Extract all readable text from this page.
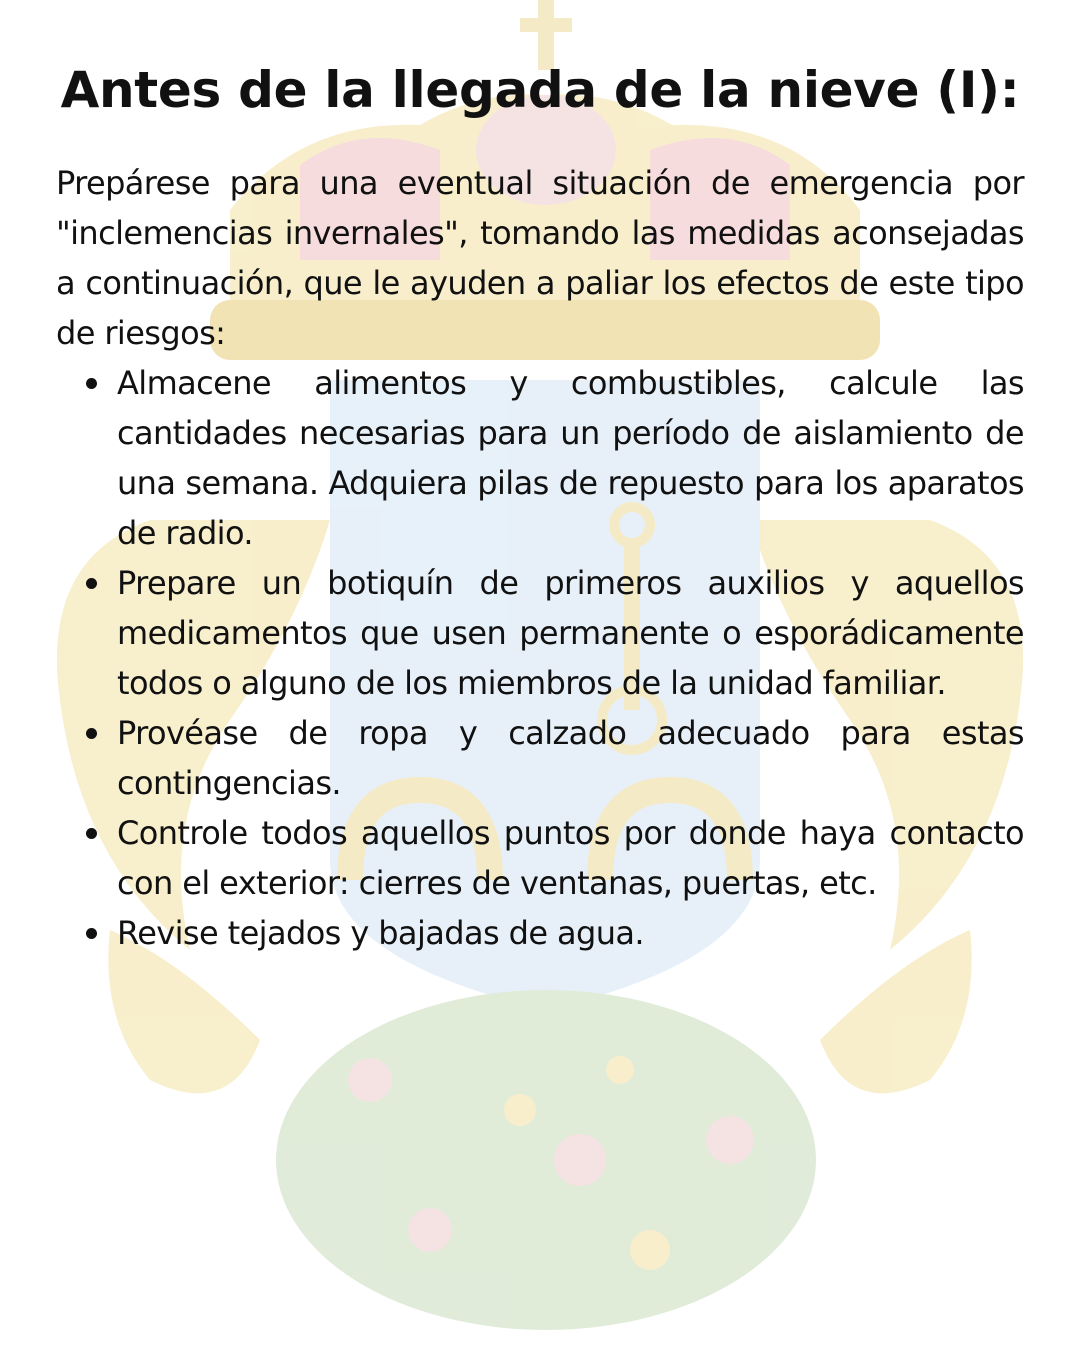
Antes de la llegada de la nieve (I):

Prepárese para una eventual situación de emergencia por "inclemencias invernales", tomando las medidas aconsejadas a continuación, que le ayuden a paliar los efectos de este tipo de riesgos:

Almacene alimentos y combustibles, calcule las cantidades necesarias para un período de aislamiento de una semana. Adquiera pilas de repuesto para los aparatos de radio.
Prepare un botiquín de primeros auxilios y aquellos medicamentos que usen permanente o esporádicamente todos o alguno de los miembros de la unidad familiar.
Provéase de ropa y calzado adecuado para estas contingencias.
Controle todos aquellos puntos por donde haya contacto con el exterior: cierres de ventanas, puertas, etc.
Revise tejados y bajadas de agua.
